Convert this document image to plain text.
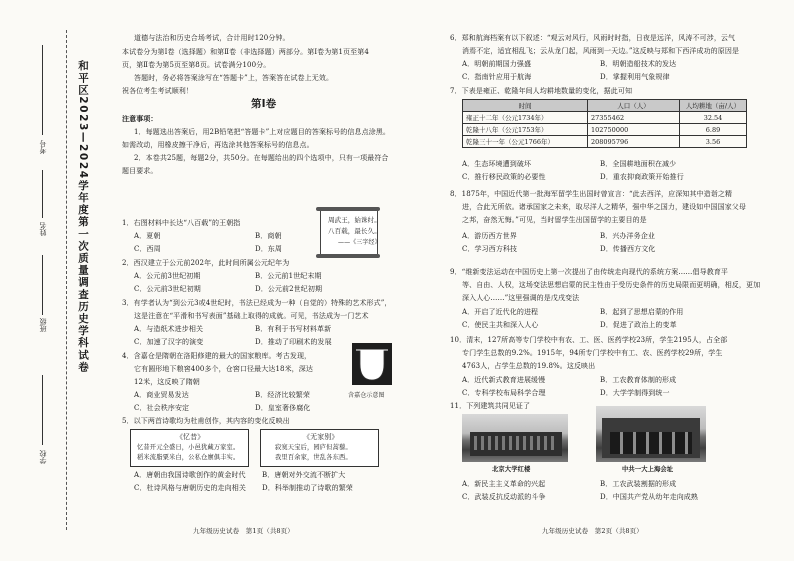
学校
班级
姓名
考号	和平区2023—2024学年度第一次质量调查历史学科试卷
道德与法治和历史合场考试，合计用时120分钟。
本试卷分为第Ⅰ卷（选择题）和第Ⅱ卷（非选择题）两部分。第Ⅰ卷为第1页至第4
页，第Ⅱ卷为第5页至第8页。试卷满分100分。
答题时，务必将答案涂写在“答题卡”上，答案答在试卷上无效。
祝各位考生考试顺利！
第Ⅰ卷
注意事项：
1．每题选出答案后，用2B铅笔把“答题卡”上对应题目的答案标号的信息点涂黑。
如需改动，用橡皮擦干净后，再选涂其他答案标号的信息点。
2．本卷共25题，每题2分，共50分。在每题给出的四个选项中，只有一项最符合
题目要求。
周武王，始诛纣。
八百载，最长久。
——《三字经》
1．右图材料中长达“八百载”的王朝指
A．夏朝	B．商朝
C．西周	D．东周
2．西汉建立于公元前202年，此时间所属公元纪年为
A．公元前3世纪初期	B．公元前1世纪末期
C．公元前3世纪初期	D．公元前2世纪初期
3．有学者认为“到公元3或4世纪时，书法已经成为一种（自觉的）特殊的艺术形式”，
这是注意在“平滑和书写表面”基础上取得的成就。可见，书法成为一门艺术
A．与造纸术进步相关	B．有利于书写材料革新
C．加速了汉字的演变	D．推动了印刷术的发展
4．含嘉仓是隋朝在洛阳修建的最大的国家粮库。考古发现，
它有圆形地下粮窖400多个，仓窖口径最大达18米，深达
12米，这反映了隋朝
A．商业贸易发达	B．经济比较繁荣
C．社会秩序安定	D．皇室奢侈腐化
含嘉仓示意图
5．以下两首诗歌均为杜甫创作，其内容的变化反映出
《忆昔》
忆昔开元全盛日，小邑犹藏万家室。
稻米流脂粟米白，公私仓廪俱丰实。
《无家别》
寂寞天宝后，园庐但蒿藜。
我里百余家，世乱各东西。
A．唐朝由我国诗歌创作的黄金时代 B．唐朝对外交流不断扩大
C．杜诗风格与唐朝历史的走向相关 D．科举制推动了诗歌的繁荣
九年级历史试卷　第1页（共8页）
6．郑和航海档案有以下叙述：“观云对风行，风雨时时指，日夜是远洋，风涛不可涉，云气
消焉不定，适宜相乱飞；云从龙门起，风雨到一天边。”这反映与郑和下西洋成功的原因是
A．明朝前期国力强盛	B．明朝造船技术的发达
C．指南针应用于航海	D．掌握利用气象规律
7．下表是雍正、乾隆年间人均耕地数量的变化，据此可知
时间	人口（人）	人均耕地（亩/人）
雍正十二年（公元1734年）	27355462	32.54
乾隆十八年（公元1753年）	102750000	6.89
乾隆三十一年（公元1766年）	208095796	3.56
A．生态环境遭到破坏	B．全国耕地面积在减少
C．推行移民政策的必要性	D．重农抑商政策开始推行
8．1875年，中国近代第一批海军留学生出国时曾宣言：“此去西洋，应深知其中造诣之精
进，合此无所依。诸承国家之未来，取尽洋人之精华，强中华之国力，建设如中国国家父母
之邦，奋然无悔。”可见，当时留学生出国留学的主要目的是
A．游历西方世界	B．兴办洋务企业
C．学习西方科技	D．传播西方文化
9．“维新变法运动在中国历史上第一次提出了由传统走向现代的系统方案……倡导教育平
等、自由、人权，这场变法思想启蒙的民主性由于受历史条件的历史局限而更明确，相反，更加
深入人心……”这里强调的是戊戌变法
A．开启了近代化的进程	B．起到了思想启蒙的作用
C．使民主共和深入人心	D．促进了政治上的变革
10．清末，127所高等专门学校中有农、工、医、医药学校23所，学生2195人，占全部
专门学生总数的9.2%。1915年，94所专门学校中有工、农、医药学校29所，学生
4763人，占学生总数的19.8%。这反映出
A．近代新式教育进展缓慢	B．工农教育体制的形成
C．专科学校布局科学合理	D．大学学制得到统一
11．下列建筑共同见证了
北京大学红楼	中共一大上海会址
A．新民主主义革命的兴起	B．工农武装割据的形成
C．武装反抗反动派的斗争	D．中国共产党从幼年走向成熟
九年级历史试卷　第2页（共8页）
